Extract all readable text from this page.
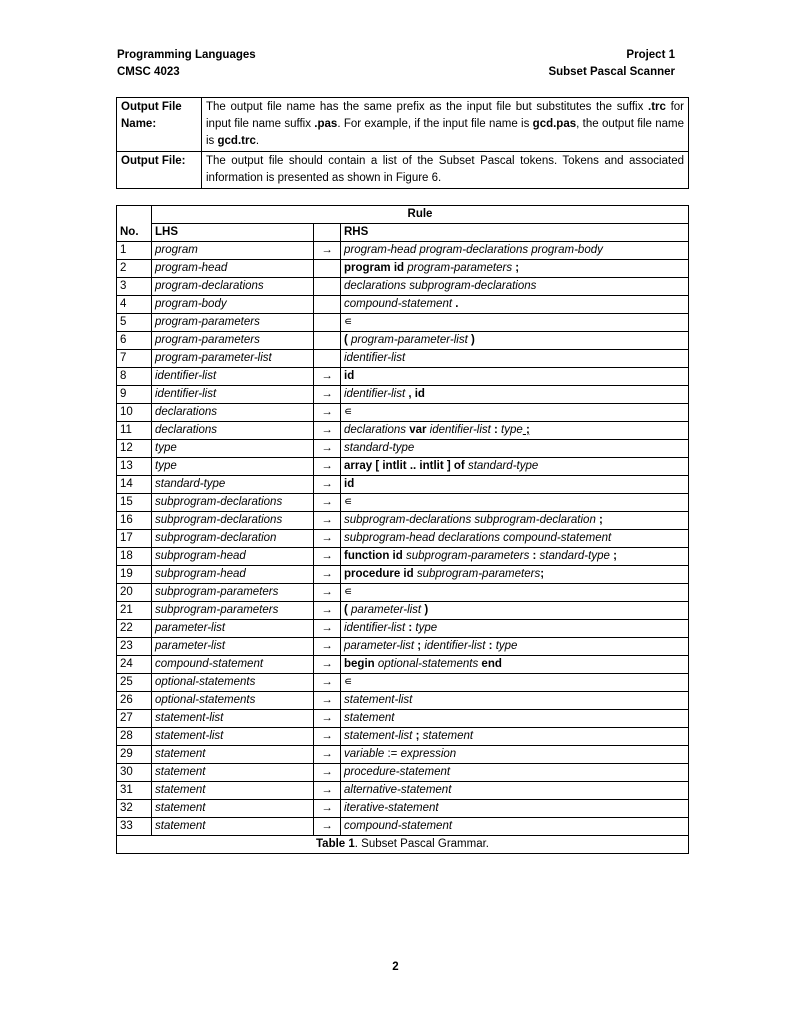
Programming Languages
CMSC 4023
Project 1
Subset Pascal Scanner
Output File Name:	The output file name has the same prefix as the input file but substitutes the suffix .trc for input file name suffix .pas. For example, if the input file name is gcd.pas, the output file name is gcd.trc.
Output File:	The output file should contain a list of the Subset Pascal tokens. Tokens and associated information is presented as shown in Figure 6.
	Rule		
No.	LHS		RHS
1	program	→	program-head program-declarations program-body
2	program-head		program id program-parameters ;
3	program-declarations		declarations subprogram-declarations
4	program-body		compound-statement .
5	program-parameters		∊
6	program-parameters		( program-parameter-list )
7	program-parameter-list		identifier-list
8	identifier-list	→	id
9	identifier-list	→	identifier-list , id
10	declarations	→	∊
11	declarations	→	declarations var identifier-list : type ;
12	type	→	standard-type
13	type	→	array [ intlit .. intlit ] of standard-type
14	standard-type	→	id
15	subprogram-declarations	→	∊
16	subprogram-declarations	→	subprogram-declarations subprogram-declaration ;
17	subprogram-declaration	→	subprogram-head declarations compound-statement
18	subprogram-head	→	function id subprogram-parameters : standard-type ;
19	subprogram-head	→	procedure id subprogram-parameters;
20	subprogram-parameters	→	∊
21	subprogram-parameters	→	( parameter-list )
22	parameter-list	→	identifier-list : type
23	parameter-list	→	parameter-list ; identifier-list : type
24	compound-statement	→	begin optional-statements end
25	optional-statements	→	∊
26	optional-statements	→	statement-list
27	statement-list	→	statement
28	statement-list	→	statement-list ; statement
29	statement	→	variable := expression
30	statement	→	procedure-statement
31	statement	→	alternative-statement
32	statement	→	iterative-statement
33	statement	→	compound-statement
Table 1. Subset Pascal Grammar.			
2
